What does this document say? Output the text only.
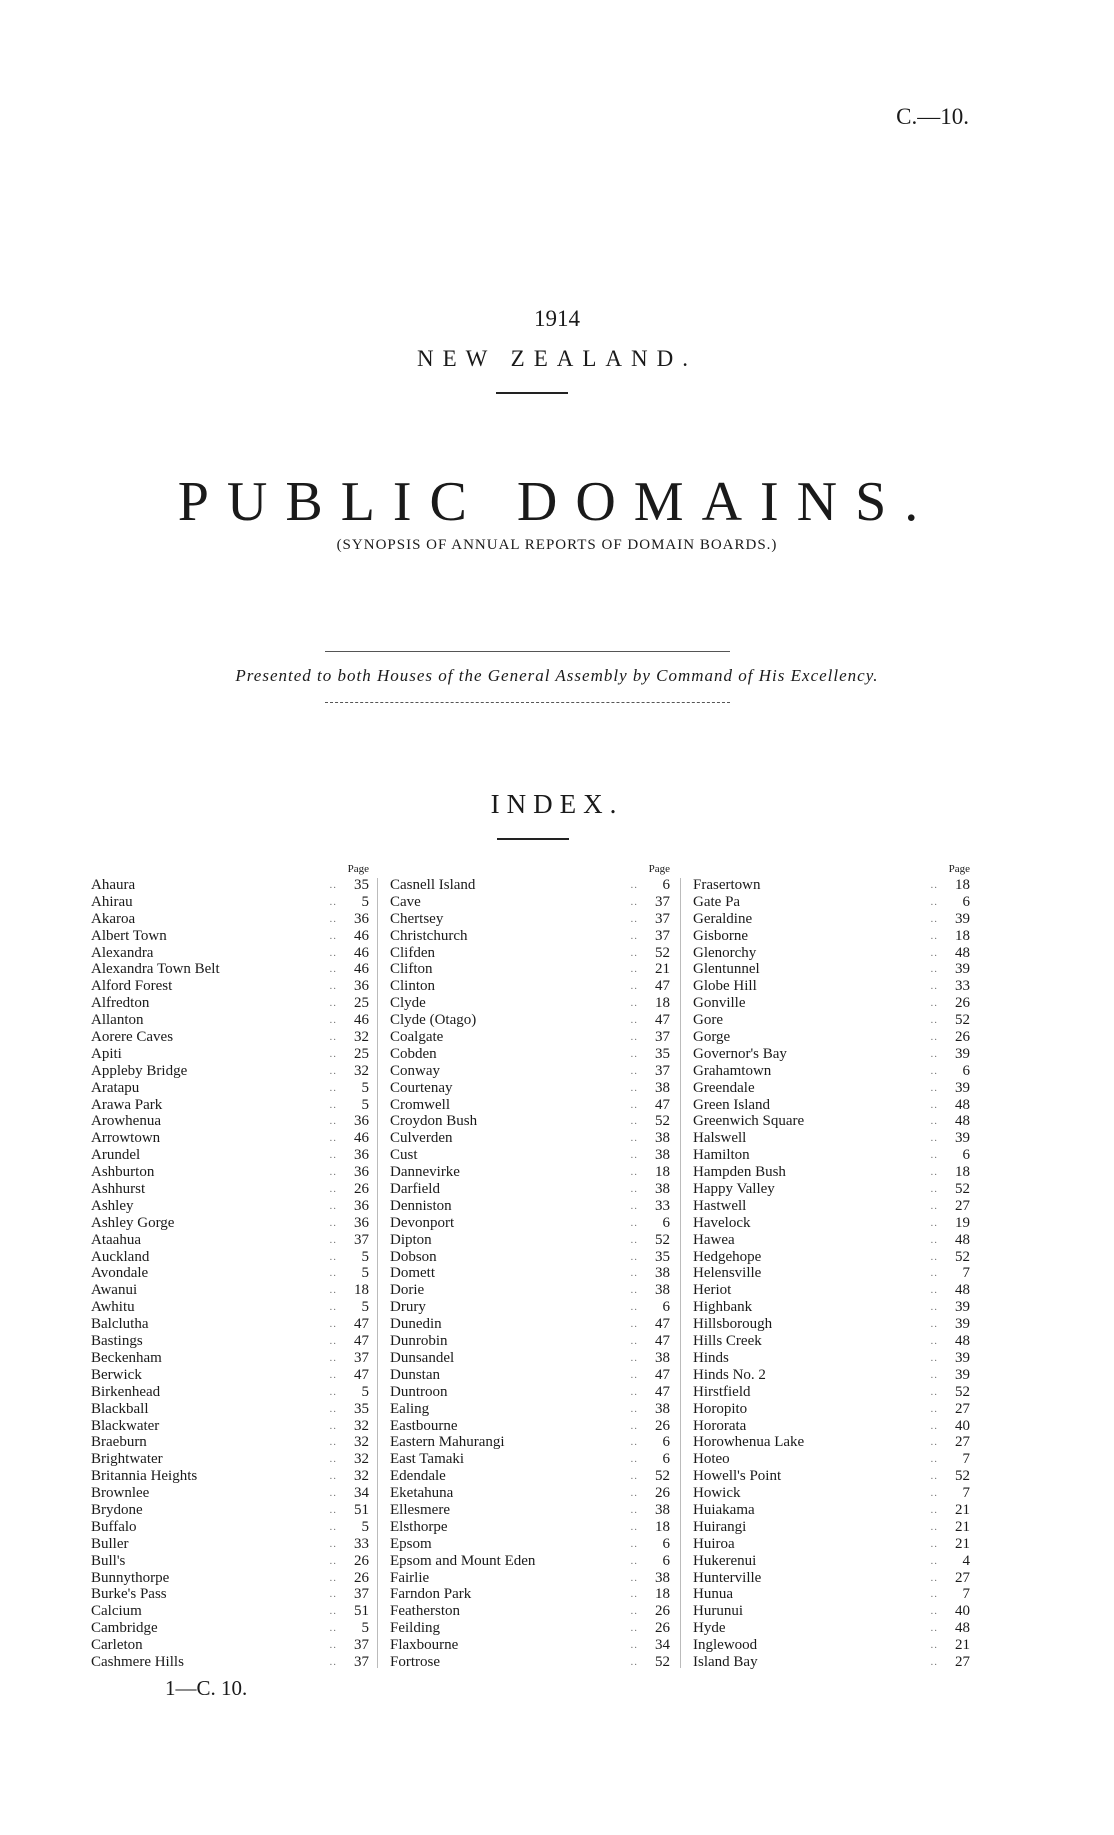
C.—10.
1914
NEW ZEALAND.
PUBLIC DOMAINS.
(SYNOPSIS OF ANNUAL REPORTS OF DOMAIN BOARDS.)
Presented to both Houses of the General Assembly by Command of His Excellency.
INDEX.
Page
Ahaura	..	35
Ahirau	..	5
Akaroa	..	36
Albert Town	..	46
Alexandra	..	46
Alexandra Town Belt	..	46
Alford Forest	..	36
Alfredton	..	25
Allanton	..	46
Aorere Caves	..	32
Apiti	..	25
Appleby Bridge	..	32
Aratapu	..	5
Arawa Park	..	5
Arowhenua	..	36
Arrowtown	..	46
Arundel	..	36
Ashburton	..	36
Ashhurst	..	26
Ashley	..	36
Ashley Gorge	..	36
Ataahua	..	37
Auckland	..	5
Avondale	..	5
Awanui	..	18
Awhitu	..	5
Balclutha	..	47
Bastings	..	47
Beckenham	..	37
Berwick	..	47
Birkenhead	..	5
Blackball	..	35
Blackwater	..	32
Braeburn	..	32
Brightwater	..	32
Britannia Heights	..	32
Brownlee	..	34
Brydone	..	51
Buffalo	..	5
Buller	..	33
Bull's	..	26
Bunnythorpe	..	26
Burke's Pass	..	37
Calcium	..	51
Cambridge	..	5
Carleton	..	37
Cashmere Hills	..	37
Page
Casnell Island	..	6
Cave	..	37
Chertsey	..	37
Christchurch	..	37
Clifden	..	52
Clifton	..	21
Clinton	..	47
Clyde	..	18
Clyde (Otago)	..	47
Coalgate	..	37
Cobden	..	35
Conway	..	37
Courtenay	..	38
Cromwell	..	47
Croydon Bush	..	52
Culverden	..	38
Cust	..	38
Dannevirke	..	18
Darfield	..	38
Denniston	..	33
Devonport	..	6
Dipton	..	52
Dobson	..	35
Domett	..	38
Dorie	..	38
Drury	..	6
Dunedin	..	47
Dunrobin	..	47
Dunsandel	..	38
Dunstan	..	47
Duntroon	..	47
Ealing	..	38
Eastbourne	..	26
Eastern Mahurangi	..	6
East Tamaki	..	6
Edendale	..	52
Eketahuna	..	26
Ellesmere	..	38
Elsthorpe	..	18
Epsom	..	6
Epsom and Mount Eden	..	6
Fairlie	..	38
Farndon Park	..	18
Featherston	..	26
Feilding	..	26
Flaxbourne	..	34
Fortrose	..	52
Page
Frasertown	..	18
Gate Pa	..	6
Geraldine	..	39
Gisborne	..	18
Glenorchy	..	48
Glentunnel	..	39
Globe Hill	..	33
Gonville	..	26
Gore	..	52
Gorge	..	26
Governor's Bay	..	39
Grahamtown	..	6
Greendale	..	39
Green Island	..	48
Greenwich Square	..	48
Halswell	..	39
Hamilton	..	6
Hampden Bush	..	18
Happy Valley	..	52
Hastwell	..	27
Havelock	..	19
Hawea	..	48
Hedgehope	..	52
Helensville	..	7
Heriot	..	48
Highbank	..	39
Hillsborough	..	39
Hills Creek	..	48
Hinds	..	39
Hinds No. 2	..	39
Hirstfield	..	52
Horopito	..	27
Hororata	..	40
Horowhenua Lake	..	27
Hoteo	..	7
Howell's Point	..	52
Howick	..	7
Huiakama	..	21
Huirangi	..	21
Huiroa	..	21
Hukerenui	..	4
Hunterville	..	27
Hunua	..	7
Hurunui	..	40
Hyde	..	48
Inglewood	..	21
Island Bay	..	27
1—C. 10.
